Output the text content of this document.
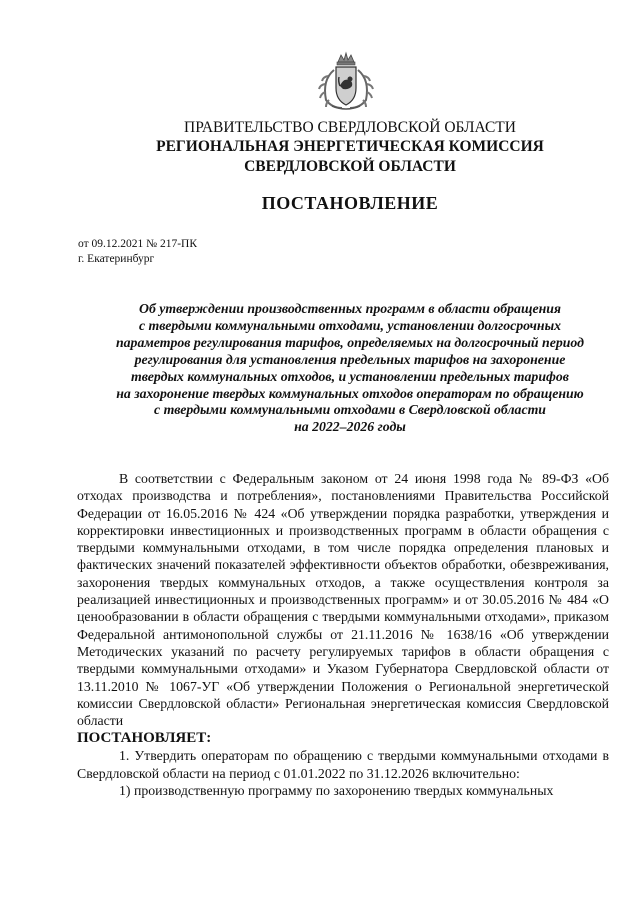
ПРАВИТЕЛЬСТВО СВЕРДЛОВСКОЙ ОБЛАСТИ
РЕГИОНАЛЬНАЯ ЭНЕРГЕТИЧЕСКАЯ КОМИССИЯ
СВЕРДЛОВСКОЙ ОБЛАСТИ
ПОСТАНОВЛЕНИЕ
от 09.12.2021 № 217-ПК
г. Екатеринбург
Об утверждении производственных программ в области обращения
с твердыми коммунальными отходами, установлении долгосрочных
параметров регулирования тарифов, определяемых на долгосрочный период
регулирования для установления предельных тарифов на захоронение
твердых коммунальных отходов, и установлении предельных тарифов
на захоронение твердых коммунальных отходов операторам по обращению
с твердыми коммунальными отходами в Свердловской области
на 2022–2026 годы

В соответствии с Федеральным законом от 24 июня 1998 года № 89-ФЗ «Об отходах производства и потребления», постановлениями Правительства Российской Федерации от 16.05.2016 № 424 «Об утверждении порядка разработки, утверждения и корректировки инвестиционных и производственных программ в области обращения с твердыми коммунальными отходами, в том числе порядка определения плановых и фактических значений показателей эффективности объектов обработки, обезвреживания, захоронения твердых коммунальных отходов, а также осуществления контроля за реализацией инвестиционных и производственных программ» и от 30.05.2016 № 484 «О ценообразовании в области обращения с твердыми коммунальными отходами», приказом Федеральной антимонопольной службы от 21.11.2016 № 1638/16 «Об утверждении Методических указаний по расчету регулируемых тарифов в области обращения с твердыми коммунальными отходами» и Указом Губернатора Свердловской области от 13.11.2010 № 1067-УГ «Об утверждении Положения о Региональной энергетической комиссии Свердловской области» Региональная энергетическая комиссия Свердловской области

ПОСТАНОВЛЯЕТ:

1. Утвердить операторам по обращению с твердыми коммунальными отходами в Свердловской области на период с 01.01.2022 по 31.12.2026 включительно:

1) производственную программу по захоронению твердых коммунальных
